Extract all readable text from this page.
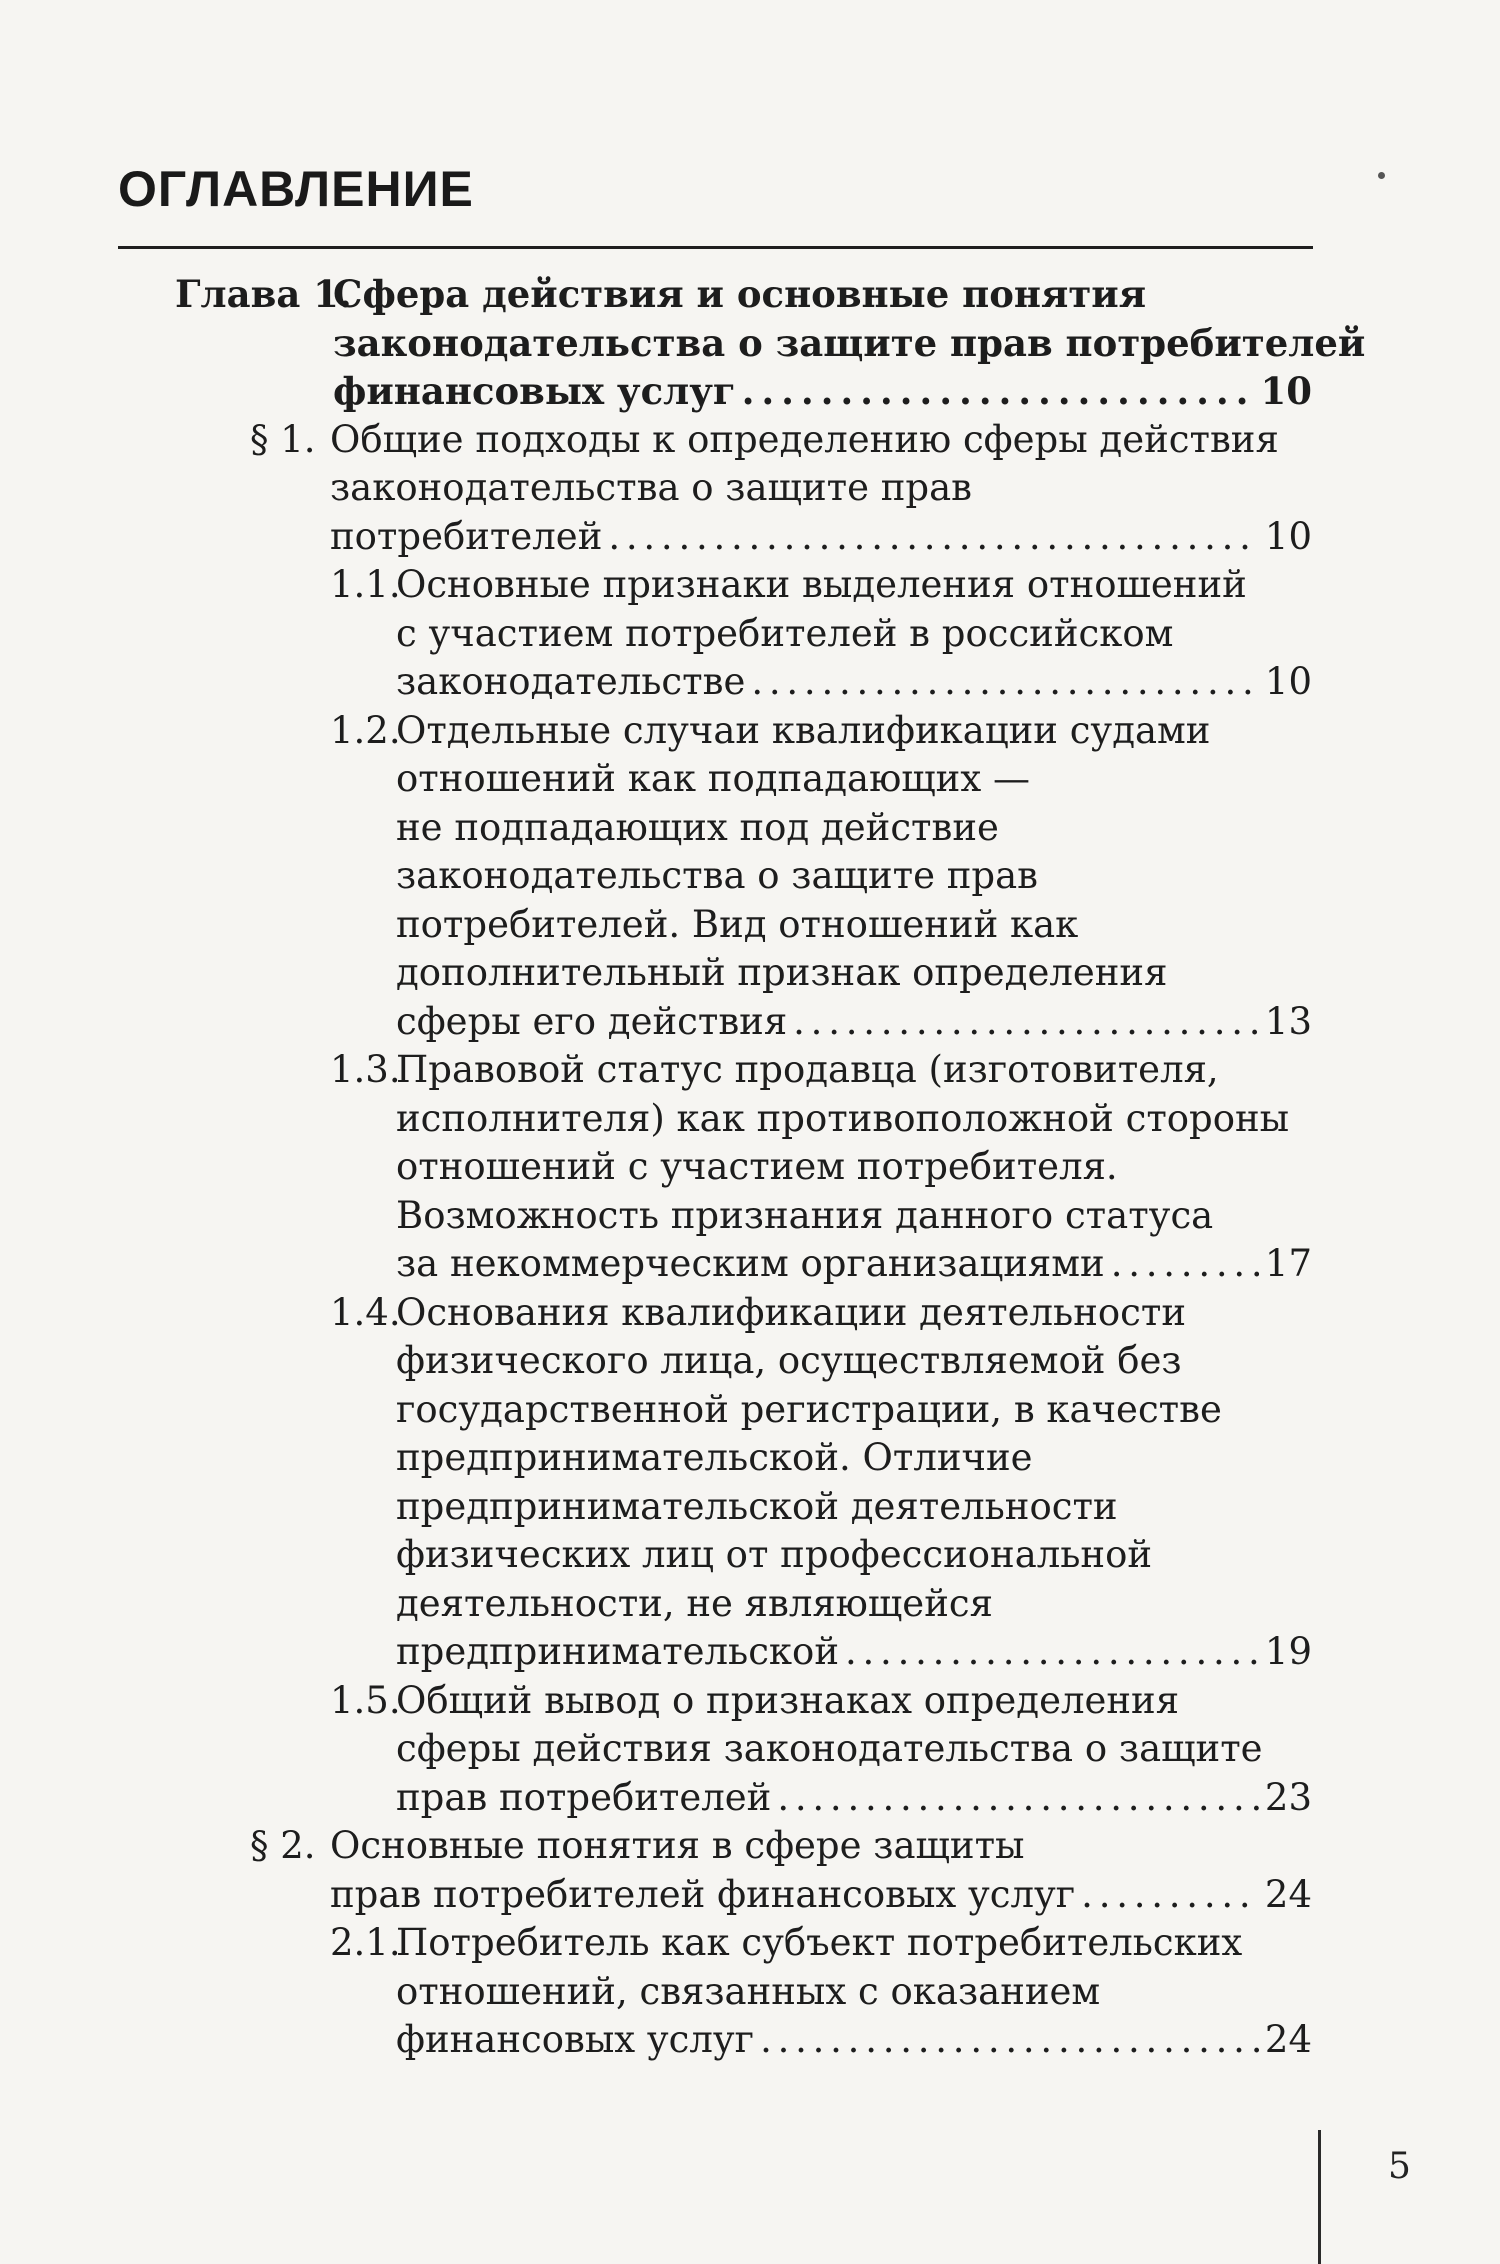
ОГЛАВЛЕНИЕ
Глава 1.
Сфера действия и основные понятия
законодательства о защите прав потребителей
финансовых услуг . . .	10
§ 1. Общие подходы к определению сферы действия
законодательства о защите прав
потребителей . . .	10
1.1.
Основные признаки выделения отношений
с участием потребителей в российском
законодательстве . . .	10
1.2.
Отдельные случаи квалификации судами
отношений как подпадающих —
не подпадающих под действие
законодательства о защите прав
потребителей. Вид отношений как
дополнительный признак определения
сферы его действия . . .	13
1.3.
Правовой статус продавца (изготовителя,
исполнителя) как противоположной стороны
отношений с участием потребителя.
Возможность признания данного статуса
за некоммерческим организациями . . .	17
1.4.
Основания квалификации деятельности
физического лица, осуществляемой без
государственной регистрации, в качестве
предпринимательской. Отличие
предпринимательской деятельности
физических лиц от профессиональной
деятельности, не являющейся
предпринимательской . . .	19
1.5.
Общий вывод о признаках определения
сферы действия законодательства о защите
прав потребителей . . .	23
§ 2. Основные понятия в сфере защиты
прав потребителей финансовых услуг . . .	24
2.1.
Потребитель как субъект потребительских
отношений, связанных с оказанием
финансовых услуг . . .	24
5
